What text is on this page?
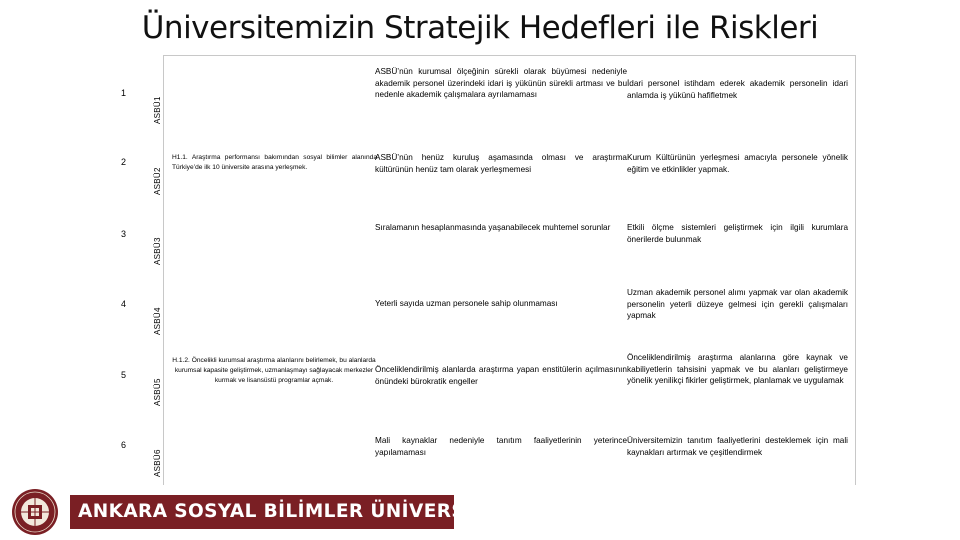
Üniversitemizin Stratejik Hedefleri ile Riskleri
1
2
3
4
5
6
ASBÜ1
ASBÜ2
ASBÜ3
ASBÜ4
ASBÜ5
ASBÜ6
H1.1. Araştırma performansı bakımından sosyal bilimler alanında Türkiye’de ilk 10 üniversite arasına yerleşmek.
H.1.2. Öncelikli kurumsal araştırma alanlarını belirlemek, bu alanlarda kurumsal kapasite geliştirmek, uzmanlaşmayı sağlayacak merkezler kurmak ve lisansüstü programlar açmak.
ASBÜ’nün kurumsal ölçeğinin sürekli olarak büyümesi nedeniyle akademik personel üzerindeki idari iş yükünün sürekli artması ve bu nedenle akademik çalışmalara ayrılamaması
ASBÜ’nün henüz kuruluş aşamasında olması ve araştırma kültürünün henüz tam olarak yerleşmemesi
Sıralamanın hesaplanmasında yaşanabilecek muhtemel sorunlar
Yeterli sayıda uzman personele sahip olunmaması
Önceliklendirilmiş alanlarda araştırma yapan enstitülerin açılmasının önündeki bürokratik engeller
Mali kaynaklar nedeniyle tanıtım faaliyetlerinin yeterince yapılamaması
İdari personel istihdam ederek akademik personelin idari anlamda iş yükünü hafifletmek
Kurum Kültürünün yerleşmesi amacıyla personele yönelik eğitim ve etkinlikler yapmak.
Etkili ölçme sistemleri geliştirmek için ilgili kurumlara önerilerde bulunmak
Uzman akademik personel alımı yapmak var olan akademik personelin yeterli düzeye gelmesi için gerekli çalışmaları yapmak
Önceliklendirilmiş araştırma alanlarına göre kaynak ve kabiliyetlerin tahsisini yapmak ve bu alanları geliştirmeye yönelik yenilikçi fikirler geliştirmek, planlamak ve uygulamak
Üniversitemizin tanıtım faaliyetlerini desteklemek için mali kaynakları artırmak ve çeşitlendirmek
ANKARA SOSYAL BİLİMLER ÜNİVERSİTESİ
